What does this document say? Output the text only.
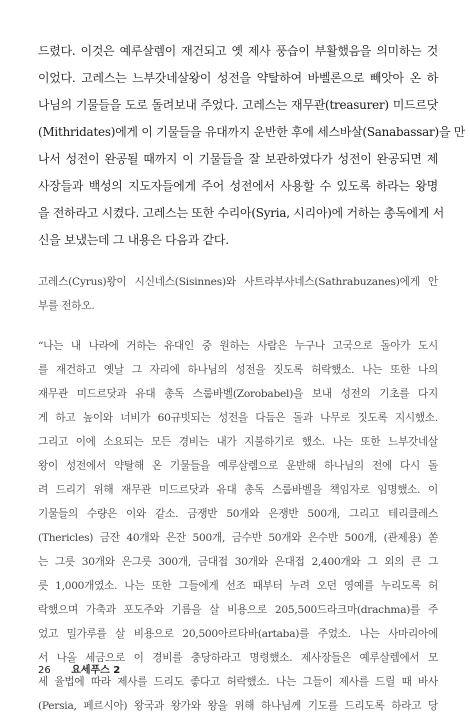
드렸다. 이것은 예루살렘이 재건되고 옛 제사 풍습이 부활했음을 의미하는 것
이었다. 고레스는 느부갓네살왕이 성전을 약탈하여 바벨론으로 빼앗아 온 하
나님의 기물들을 도로 돌려보내 주었다. 고레스는 재무관(treasurer) 미드르닷
(Mithridates)에게 이 기물들을 유대까지 운반한 후에 세스바살(Sanabassar)을 만
나서 성전이 완공될 때까지 이 기물들을 잘 보관하였다가 성전이 완공되면 제
사장들과 백성의 지도자들에게 주어 성전에서 사용할 수 있도록 하라는 왕명
을 전하라고 시켰다. 고레스는 또한 수리아(Syria, 시리아)에 거하는 총독에게 서
신을 보냈는데 그 내용은 다음과 같다.

고레스(Cyrus)왕이 시신네스(Sisinnes)와 사트라부사네스(Sathrabuzanes)에게 안
부를 전하오.
“나는 내 나라에 거하는 유대인 중 원하는 사람은 누구나 고국으로 돌아가 도시
를 재건하고 옛날 그 자리에 하나님의 성전을 짓도록 허락했소. 나는 또한 나의
재무관 미드르닷과 유대 총독 스룹바벨(Zorobabel)을 보내 성전의 기초를 다지
게 하고 높이와 너비가 60규빗되는 성전을 다듬은 돌과 나무로 짓도록 지시했소.
그리고 이에 소요되는 모든 경비는 내가 지불하기로 했소. 나는 또한 느부갓네살
왕이 성전에서 약탈해 온 기물들을 예루살렘으로 운반해 하나님의 전에 다시 돌
려 드리기 위해 재무관 미드르닷과 유대 총독 스룹바벨을 책임자로 임명했소. 이
기물들의 수량은 이와 같소. 금쟁반 50개와 은쟁반 500개, 그리고 테리클레스
(Thericles) 금잔 40개와 은잔 500개, 금수반 50개와 은수반 500개, (관제용) 쏟
는 그릇 30개와 은그릇 300개, 금대접 30개와 은대접 2,400개와 그 외의 큰 그
릇 1,000개였소. 나는 또한 그들에게 선조 때부터 누려 오던 영예를 누리도록 허
락했으며 가축과 포도주와 기름을 살 비용으로 205,500드라크마(drachma)를 주
었고 밀가루를 살 비용으로 20,500아르타바(artaba)를 주었소. 나는 사마리아에
서 나올 세금으로 이 경비를 충당하라고 명령했소. 제사장들은 예루살렘에서 모
세 율법에 따라 제사를 드리도 좋다고 허락했소. 나는 그들이 제사를 드릴 때 바사
(Persia, 페르시아) 왕국과 왕가와 왕을 위해 하나님께 기도를 드리도록 하라고 당
26 요세푸스 2
